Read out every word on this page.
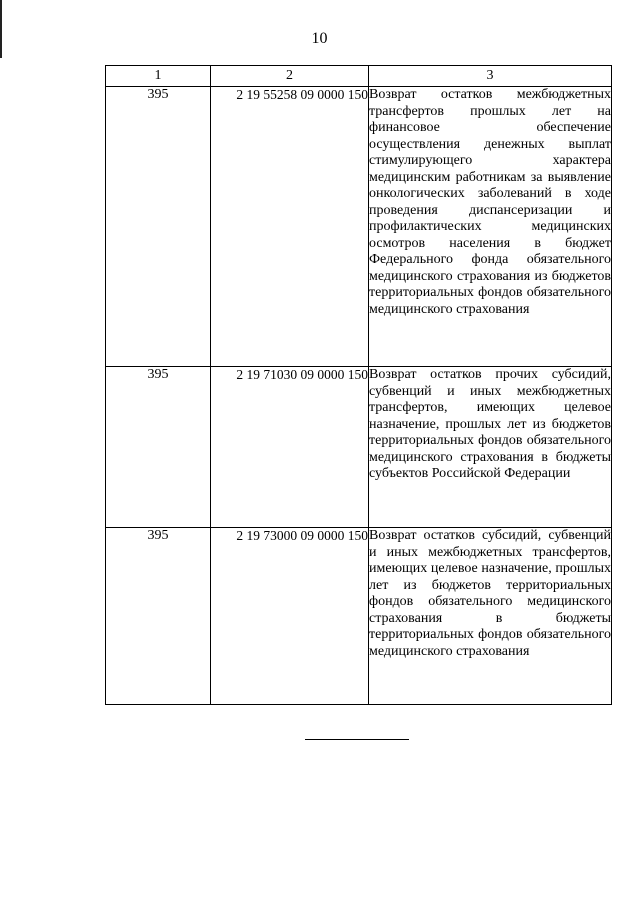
10
1	2	3
395	2 19 55258 09 0000 150	Возврат остатков межбюджетных трансфертов прошлых лет на финансовое обеспечение осуществления денежных выплат стимулирующего характера медицинским работникам за выявление онкологических заболеваний в ходе проведения диспансеризации и профилактических медицинских осмотров населения в бюджет Федерального фонда обязательного медицинского страхования из бюджетов территориальных фондов обязательного медицинского страхования
395	2 19 71030 09 0000 150	Возврат остатков прочих субсидий, субвенций и иных межбюджетных трансфертов, имеющих целевое назначение, прошлых лет из бюджетов территориальных фондов обязательного медицинского страхования в бюджеты субъектов Российской Федерации
395	2 19 73000 09 0000 150	Возврат остатков субсидий, субвенций и иных межбюджетных трансфертов, имеющих целевое назначение, прошлых лет из бюджетов территориальных фондов обязательного медицинского страхования в бюджеты территориальных фондов обязательного медицинского страхования
